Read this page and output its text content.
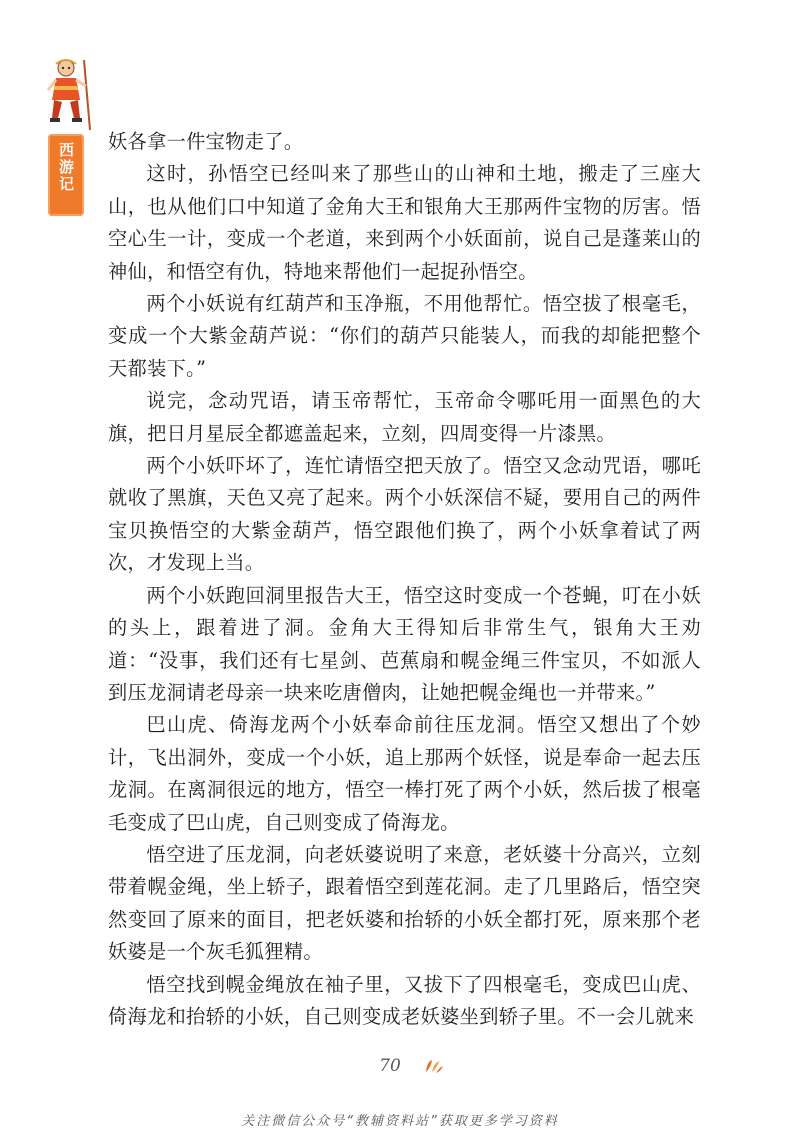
西游记

妖各拿一件宝物走了。

这时，孙悟空已经叫来了那些山的山神和土地，搬走了三座大山，也从他们口中知道了金角大王和银角大王那两件宝物的厉害。悟空心生一计，变成一个老道，来到两个小妖面前，说自己是蓬莱山的神仙，和悟空有仇，特地来帮他们一起捉孙悟空。

两个小妖说有红葫芦和玉净瓶，不用他帮忙。悟空拔了根毫毛，变成一个大紫金葫芦说：“你们的葫芦只能装人，而我的却能把整个天都装下。”

说完，念动咒语，请玉帝帮忙，玉帝命令哪吒用一面黑色的大旗，把日月星辰全都遮盖起来，立刻，四周变得一片漆黑。

两个小妖吓坏了，连忙请悟空把天放了。悟空又念动咒语，哪吒就收了黑旗，天色又亮了起来。两个小妖深信不疑，要用自己的两件宝贝换悟空的大紫金葫芦，悟空跟他们换了，两个小妖拿着试了两次，才发现上当。

两个小妖跑回洞里报告大王，悟空这时变成一个苍蝇，叮在小妖的头上，跟着进了洞。金角大王得知后非常生气，银角大王劝道：“没事，我们还有七星剑、芭蕉扇和幌金绳三件宝贝，不如派人到压龙洞请老母亲一块来吃唐僧肉，让她把幌金绳也一并带来。”

巴山虎、倚海龙两个小妖奉命前往压龙洞。悟空又想出了个妙计，飞出洞外，变成一个小妖，追上那两个妖怪，说是奉命一起去压龙洞。在离洞很远的地方，悟空一棒打死了两个小妖，然后拔了根毫毛变成了巴山虎，自己则变成了倚海龙。

悟空进了压龙洞，向老妖婆说明了来意，老妖婆十分高兴，立刻带着幌金绳，坐上轿子，跟着悟空到莲花洞。走了几里路后，悟空突然变回了原来的面目，把老妖婆和抬轿的小妖全都打死，原来那个老妖婆是一个灰毛狐狸精。

悟空找到幌金绳放在袖子里，又拔下了四根毫毛，变成巴山虎、倚海龙和抬轿的小妖，自己则变成老妖婆坐到轿子里。不一会儿就来

70
关注微信公众号“教辅资料站”获取更多学习资料
